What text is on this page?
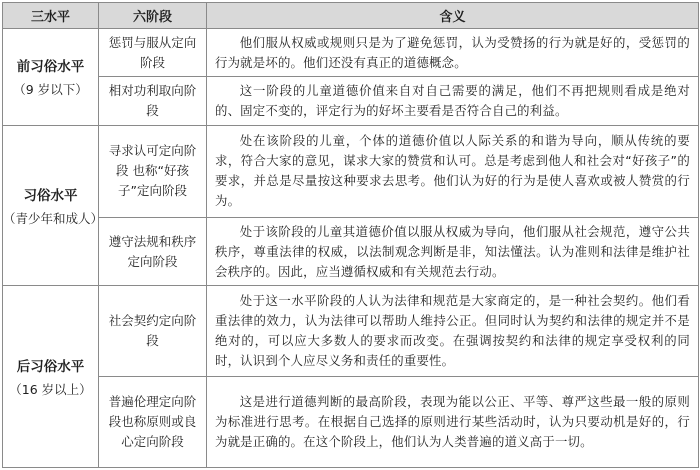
三水平	六阶段	含义

前习俗水平
（9 岁以下）	惩罚与服从定向阶段	他们服从权威或规则只是为了避免惩罚，认为受赞扬的行为就是好的，受惩罚的行为就是坏的。他们还没有真正的道德概念。
	相对功利取向阶段	这一阶段的儿童道德价值来自对自己需要的满足，他们不再把规则看成是绝对的、固定不变的，评定行为的好坏主要看是否符合自己的利益。

习俗水平
（青少年和成人）	寻求认可定向阶段 也称“好孩子”定向阶段	处在该阶段的儿童，个体的道德价值以人际关系的和谐为导向，顺从传统的要求，符合大家的意见，谋求大家的赞赏和认可。总是考虑到他人和社会对“好孩子”的要求，并总是尽量按这种要求去思考。他们认为好的行为是使人喜欢或被人赞赏的行为。
	遵守法规和秩序定向阶段	处于该阶段的儿童其道德价值以服从权威为导向，他们服从社会规范，遵守公共秩序，尊重法律的权威，以法制观念判断是非，知法懂法。认为准则和法律是维护社会秩序的。因此，应当遵循权威和有关规范去行动。

后习俗水平
（16 岁以上）	社会契约定向阶段	处于这一水平阶段的人认为法律和规范是大家商定的，是一种社会契约。他们看重法律的效力，认为法律可以帮助人维持公正。但同时认为契约和法律的规定并不是绝对的，可以应大多数人的要求而改变。在强调按契约和法律的规定享受权利的同时，认识到个人应尽义务和责任的重要性。
	普遍伦理定向阶段也称原则或良心定向阶段	这是进行道德判断的最高阶段，表现为能以公正、平等、尊严这些最一般的原则为标准进行思考。在根据自己选择的原则进行某些活动时，认为只要动机是好的，行为就是正确的。在这个阶段上，他们认为人类普遍的道义高于一切。
